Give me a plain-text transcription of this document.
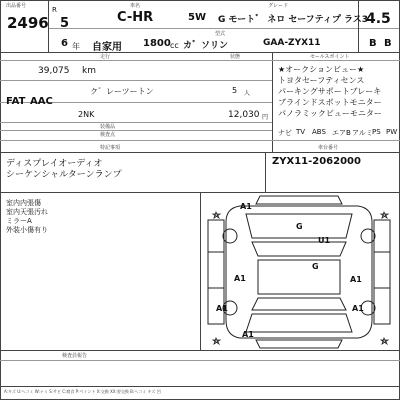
出品番号
2496
R
5
車名
C-HR	5W
グレード
G モート゛ ネロ セーフティプ ラス3
4.5
6 年 自家用 1800 cc カ゛ソリン
型式
GAA-ZYX11	B B
走行
39,075 km
FAT AAC
ク゛レーツートン	5 人
2NK	12,030 円
装備品
検査点
状態	セールスポイント
★オークションビュー★
トヨタセーフティセンス
パーキングサポートブレーキ
ブラインドスポットモニター
パノラミックビューモニター
ナビ TV ABS エアB アルミ PS PW
特記事項	車台番号
ディスプレイオーディオ
シーケンシャルターンランプ
ZYX11-2062000
室内内張傷
室内天張汚れ
ミラーA
外装小傷有り
A1
A1
G
U1
G
A1
A1
A1
A1
検査員報告
A:キズ U:ヘコミ W:ナミ S:サビ C:腐食 P:ペイント X:交換 XX:要交換 B:ヘコミ キズ 凹
